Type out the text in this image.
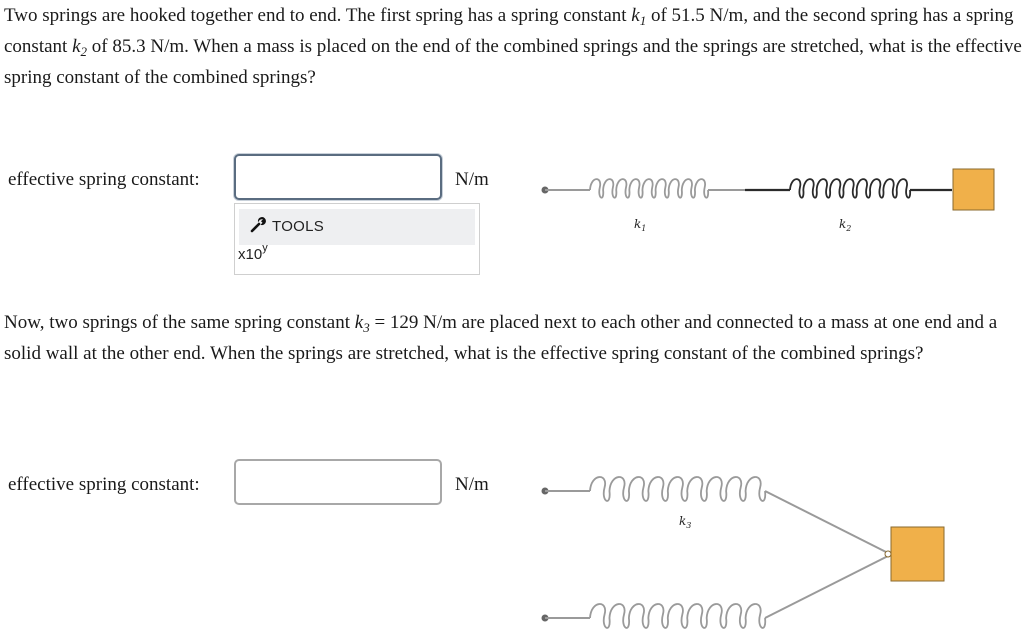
Two springs are hooked together end to end. The first spring has a spring constant $k_1$ of 51.5 N/m, and the second spring has a spring constant $k_2$ of 85.3 N/m. When a mass is placed on the end of the combined springs and the springs are stretched, what is the effective spring constant of the combined springs?

effective spring constant:	N/m
TOOLS
x10$^y$

Now, two springs of the same spring constant $k_3 = 129$ N/m are placed next to each other and connected to a mass at one end and a solid wall at the other end. When the springs are stretched, what is the effective spring constant of the combined springs?

effective spring constant:	N/m
$k_1$	$k_2$
$k_3$
